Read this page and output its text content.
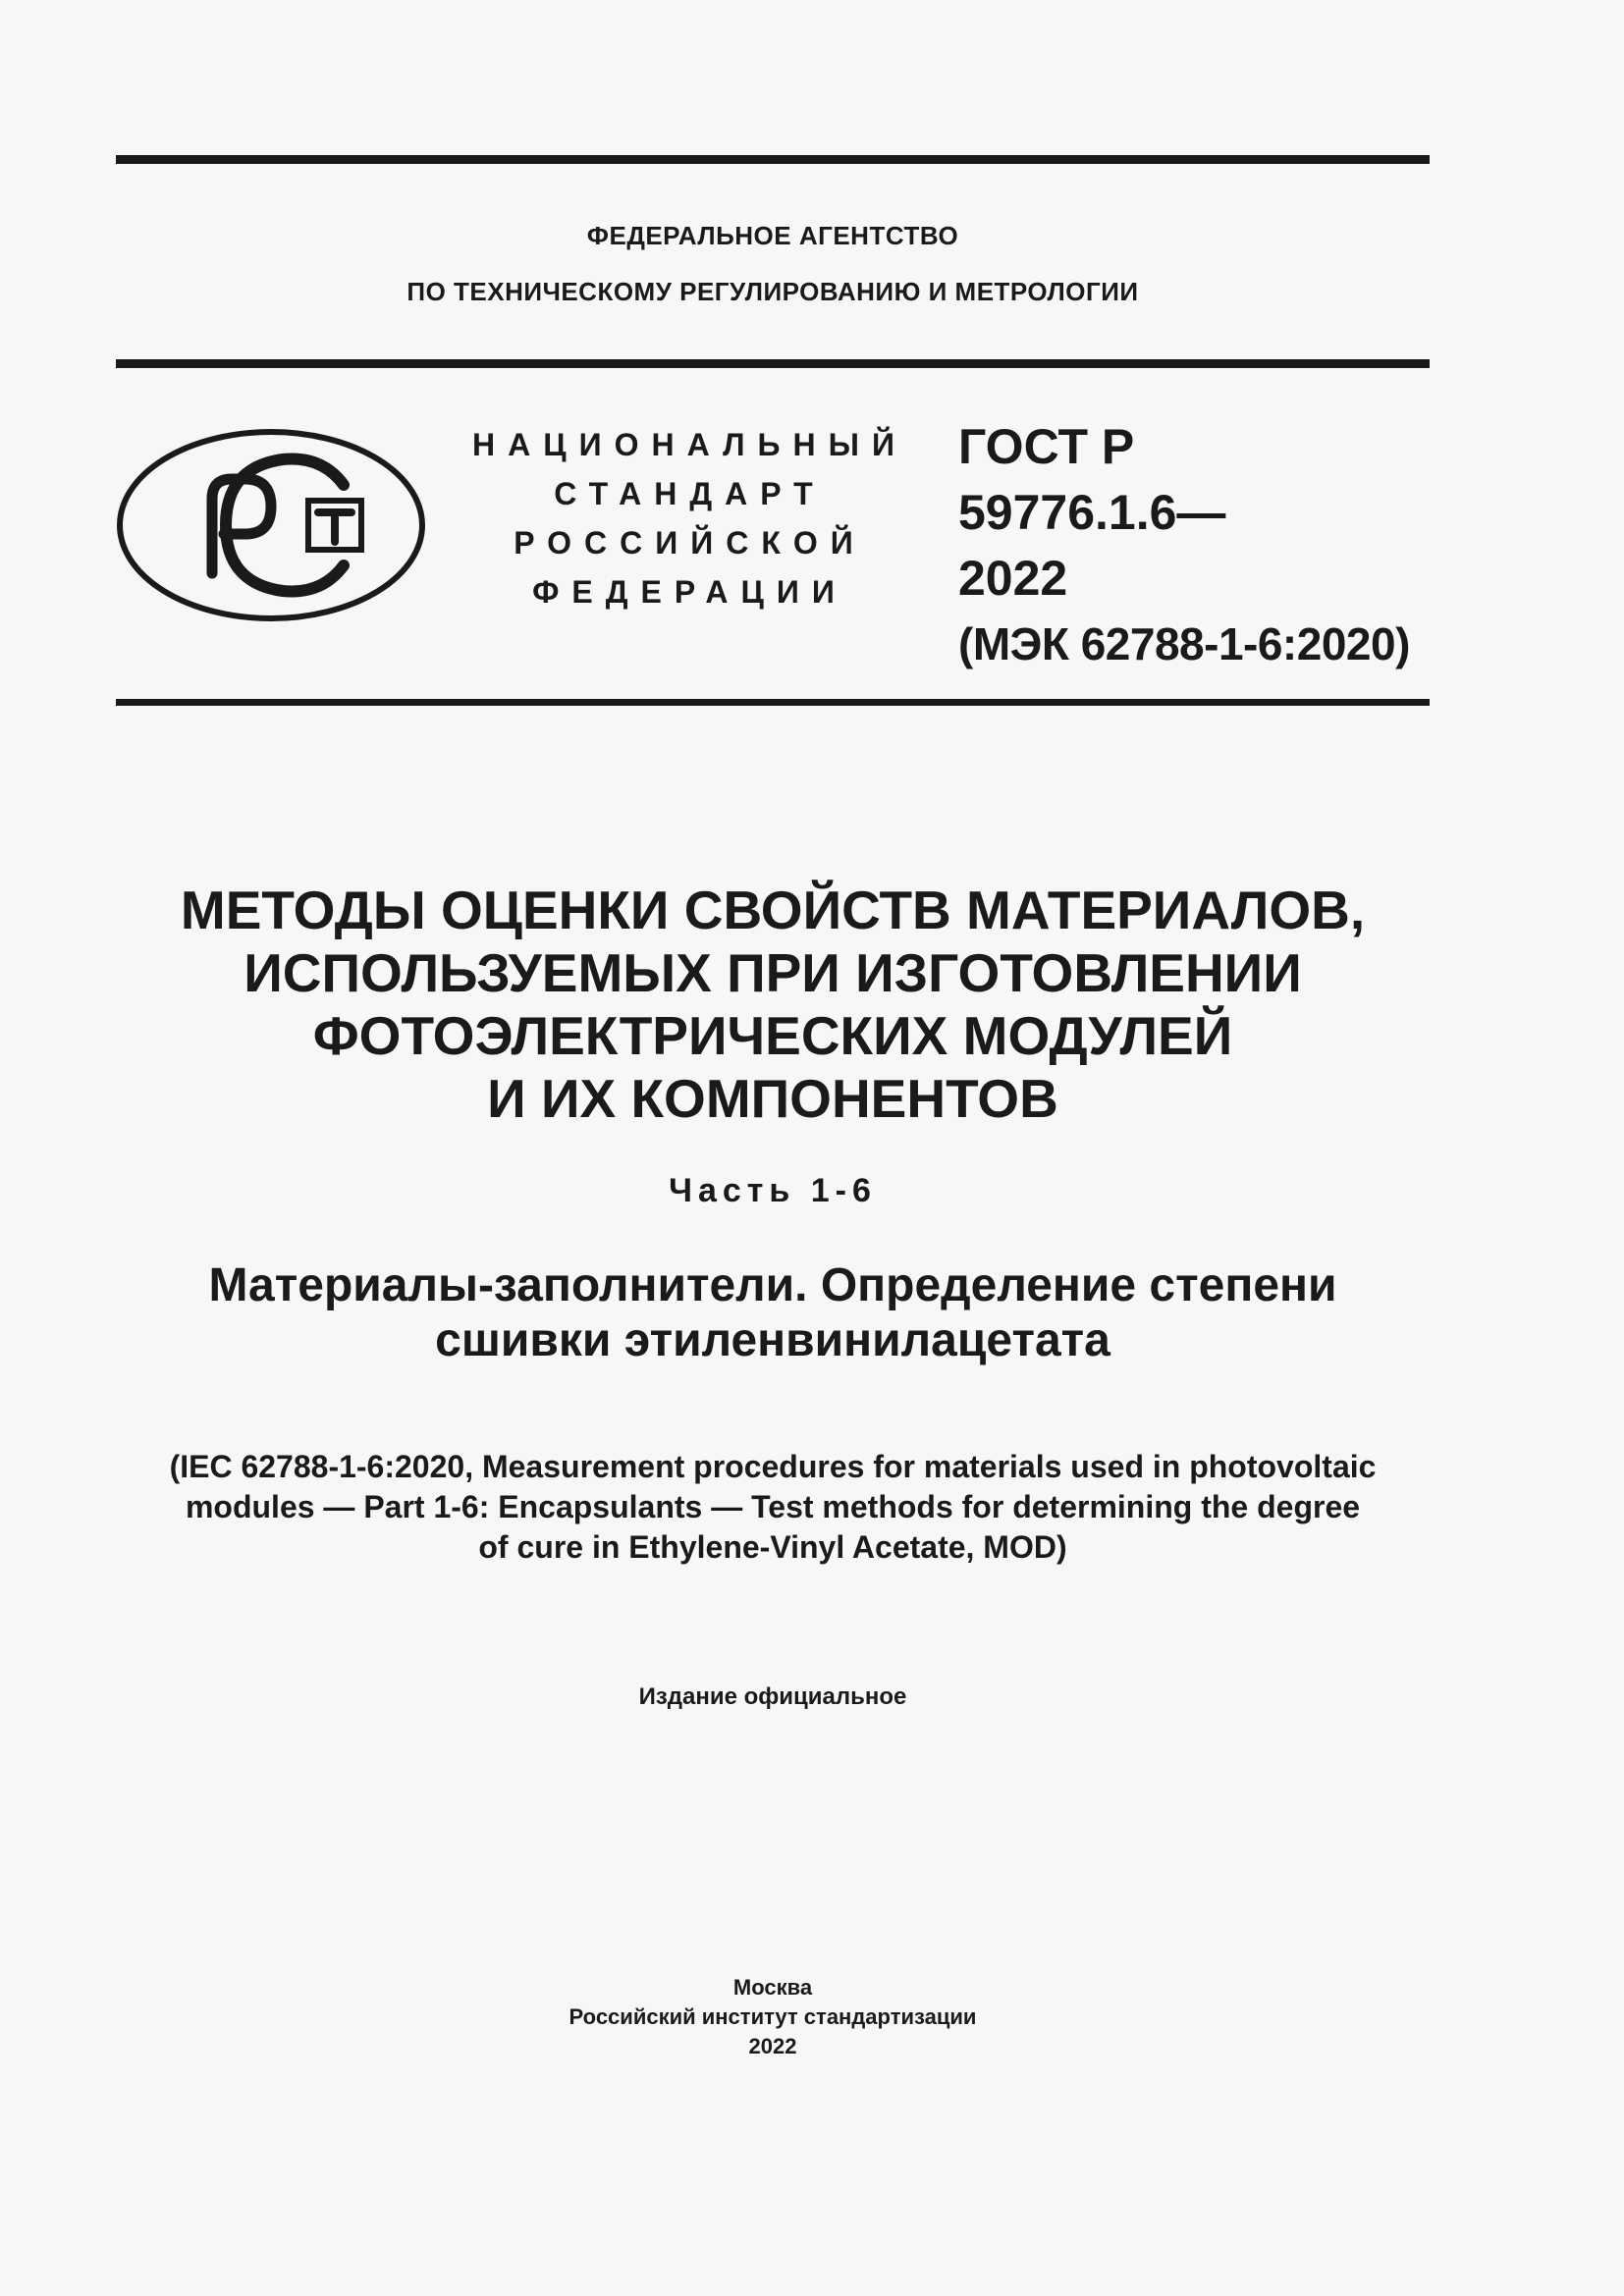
ФЕДЕРАЛЬНОЕ АГЕНТСТВО
ПО ТЕХНИЧЕСКОМУ РЕГУЛИРОВАНИЮ И МЕТРОЛОГИИ
НАЦИОНАЛЬНЫЙ
СТАНДАРТ
РОССИЙСКОЙ
ФЕДЕРАЦИИ
ГОСТ Р
59776.1.6—
2022
(МЭК 62788-1-6:2020)
МЕТОДЫ ОЦЕНКИ СВОЙСТВ МАТЕРИАЛОВ,
ИСПОЛЬЗУЕМЫХ ПРИ ИЗГОТОВЛЕНИИ
ФОТОЭЛЕКТРИЧЕСКИХ МОДУЛЕЙ
И ИХ КОМПОНЕНТОВ
Часть 1-6
Материалы-заполнители. Определение степени
сшивки этиленвинилацетата
(IEC 62788-1-6:2020, Measurement procedures for materials used in photovoltaic
modules — Part 1-6: Encapsulants — Test methods for determining the degree
of cure in Ethylene-Vinyl Acetate, MOD)
Издание официальное
Москва
Российский институт стандартизации
2022
